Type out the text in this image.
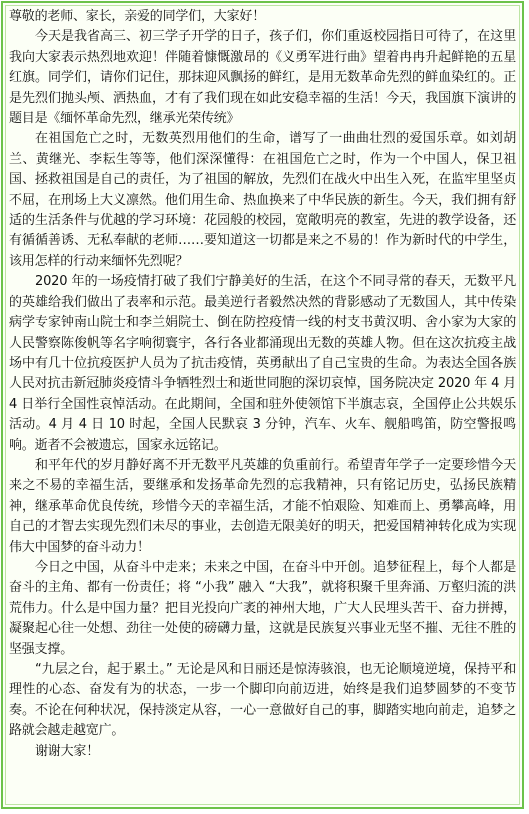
尊敬的老师、家长，亲爱的同学们，大家好！

今天是我省高三、初三学子开学的日子，孩子们，你们重返校园指日可待了，在这里我向大家表示热烈地欢迎！伴随着慷慨激昂的《义勇军进行曲》望着冉冉升起鲜艳的五星红旗。同学们，请你们记住，那抹迎风飘扬的鲜红，是用无数革命先烈的鲜血染红的。正是先烈们抛头颅、洒热血，才有了我们现在如此安稳幸福的生活！今天，我国旗下演讲的题目是《缅怀革命先烈，继承光荣传统》

在祖国危亡之时，无数英烈用他们的生命，谱写了一曲曲壮烈的爱国乐章。如刘胡兰、黄继光、李耘生等等，他们深深懂得：在祖国危亡之时，作为一个中国人，保卫祖国、拯救祖国是自己的责任，为了祖国的解放，先烈们在战火中出生入死，在监牢里坚贞不屈，在刑场上大义凛然。他们用生命、热血换来了中华民族的新生。今天，我们拥有舒适的生活条件与优越的学习环境：花园般的校园，宽敞明亮的教室，先进的教学设备，还有循循善诱、无私奉献的老师……要知道这一切都是来之不易的！作为新时代的中学生，该用怎样的行动来缅怀先烈呢？

2020 年的一场疫情打破了我们宁静美好的生活，在这个不同寻常的春天，无数平凡的英雄给我们做出了表率和示范。最美逆行者毅然决然的背影感动了无数国人，其中传染病学专家钟南山院士和李兰娟院士、倒在防控疫情一线的村支书黄汉明、舍小家为大家的人民警察陈俊帆等名字响彻寰宇，各行各业都涌现出无数的英雄人物。但在这次抗疫主战场中有几十位抗疫医护人员为了抗击疫情，英勇献出了自己宝贵的生命。为表达全国各族人民对抗击新冠肺炎疫情斗争牺牲烈士和逝世同胞的深切哀悼，国务院决定 2020 年 4 月 4 日举行全国性哀悼活动。在此期间，全国和驻外使领馆下半旗志哀，全国停止公共娱乐活动。4 月 4 日 10 时起，全国人民默哀 3 分钟，汽车、火车、舰船鸣笛，防空警报鸣响。逝者不会被遗忘，国家永远铭记。

和平年代的岁月静好离不开无数平凡英雄的负重前行。希望青年学子一定要珍惜今天来之不易的幸福生活，要继承和发扬革命先烈的忘我精神，只有铭记历史，弘扬民族精神，继承革命优良传统，珍惜今天的幸福生活，才能不怕艰险、知难而上、勇攀高峰，用自己的才智去实现先烈们未尽的事业，去创造无限美好的明天，把爱国精神转化成为实现伟大中国梦的奋斗动力！

今日之中国，从奋斗中走来；未来之中国，在奋斗中开创。追梦征程上，每个人都是奋斗的主角、都有一份责任；将 “小我” 融入 “大我”，就将积聚千里奔涌、万壑归流的洪荒伟力。什么是中国力量？把目光投向广袤的神州大地，广大人民埋头苦干、奋力拼搏，凝聚起心往一处想、劲往一处使的磅礴力量，这就是民族复兴事业无坚不摧、无往不胜的坚强支撑。

“九层之台，起于累土。” 无论是风和日丽还是惊涛骇浪，也无论顺境逆境，保持平和理性的心态、奋发有为的状态，一步一个脚印向前迈进，始终是我们追梦圆梦的不变节奏。不论在何种状况，保持淡定从容，一心一意做好自己的事，脚踏实地向前走，追梦之路就会越走越宽广。

谢谢大家！
